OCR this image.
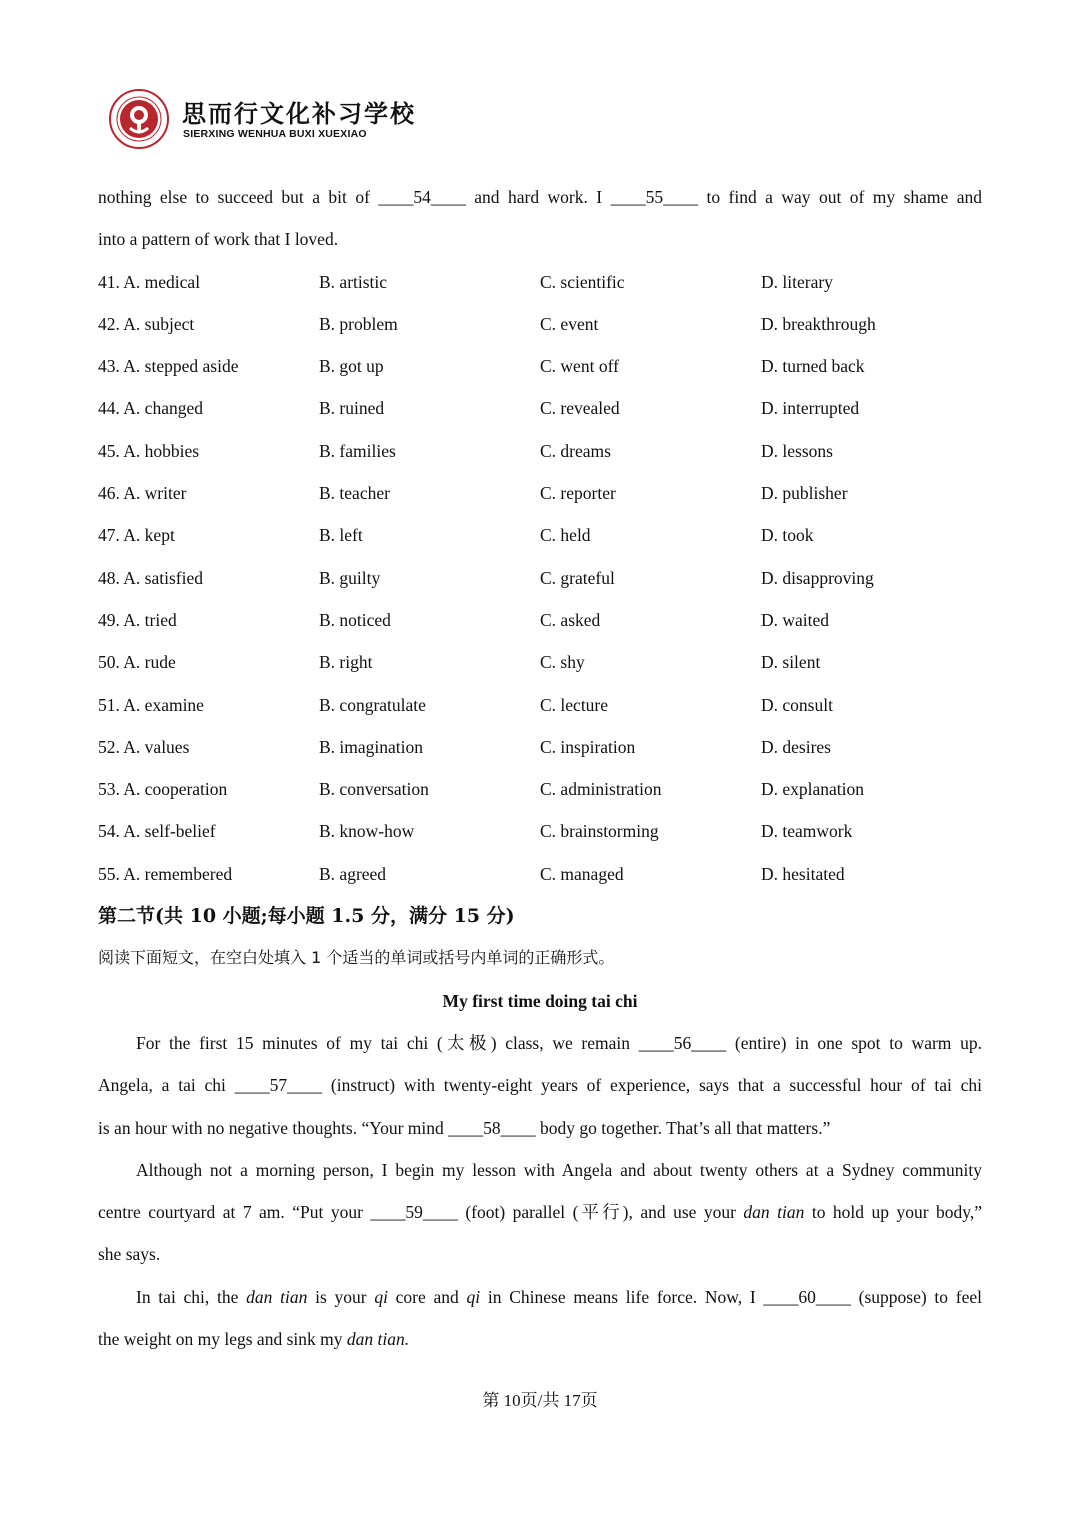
思而行文化补习学校
SIERXING WENHUA BUXI XUEXIAO
nothing else to succeed but a bit of ____54____ and hard work. I ____55____ to find a way out of my shame and
into a pattern of work that I loved.
41. A. medical	B. artistic	C. scientific	D. literary
42. A. subject	B. problem	C. event	D. breakthrough
43. A. stepped aside	B. got up	C. went off	D. turned back
44. A. changed	B. ruined	C. revealed	D. interrupted
45. A. hobbies	B. families	C. dreams	D. lessons
46. A. writer	B. teacher	C. reporter	D. publisher
47. A. kept	B. left	C. held	D. took
48. A. satisfied	B. guilty	C. grateful	D. disapproving
49. A. tried	B. noticed	C. asked	D. waited
50. A. rude	B. right	C. shy	D. silent
51. A. examine	B. congratulate	C. lecture	D. consult
52. A. values	B. imagination	C. inspiration	D. desires
53. A. cooperation	B. conversation	C. administration	D. explanation
54. A. self-belief	B. know-how	C. brainstorming	D. teamwork
55. A. remembered	B. agreed	C. managed	D. hesitated
第二节(共 10 小题;每小题 1.5 分，满分 15 分)
阅读下面短文，在空白处填入 1 个适当的单词或括号内单词的正确形式。
My first time doing tai chi
For the first 15 minutes of my tai chi (太极) class, we remain ____56____ (entire) in one spot to warm up.
Angela, a tai chi ____57____ (instruct) with twenty-eight years of experience, says that a successful hour of tai chi
is an hour with no negative thoughts. “Your mind ____58____ body go together. That’s all that matters.”
Although not a morning person, I begin my lesson with Angela and about twenty others at a Sydney community
centre courtyard at 7 am. “Put your ____59____ (foot) parallel (平行), and use your dan tian to hold up your body,”
she says.
In tai chi, the dan tian is your qi core and qi in Chinese means life force. Now, I ____60____ (suppose) to feel
the weight on my legs and sink my dan tian.
第 10页/共 17页
